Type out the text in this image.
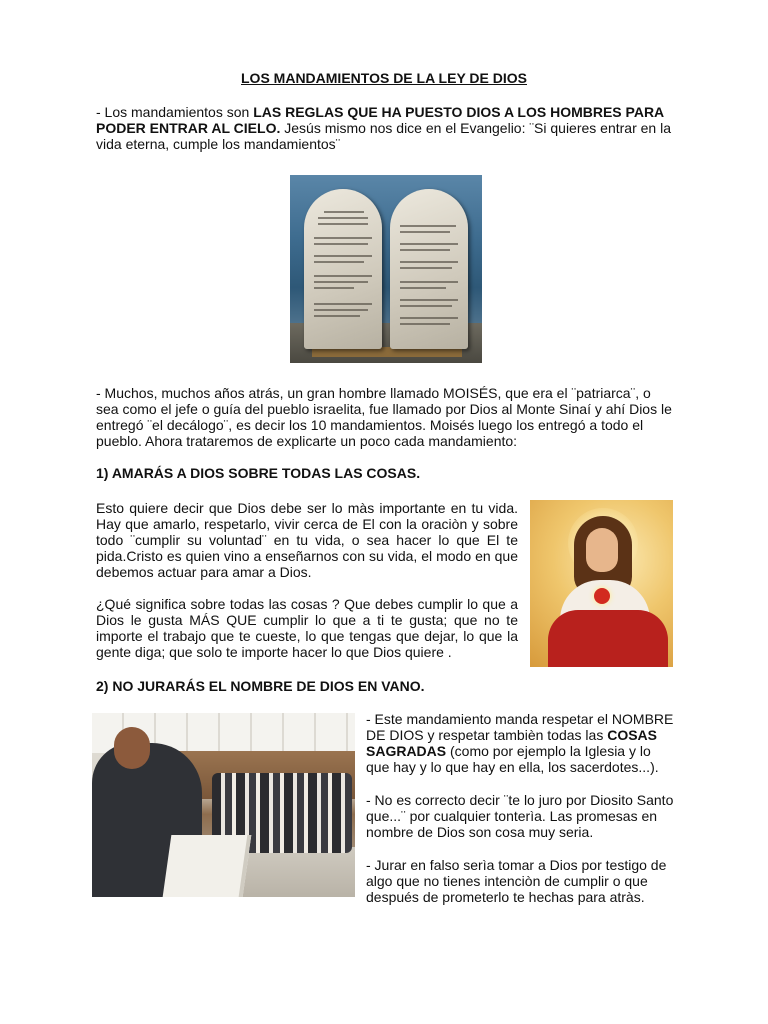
LOS MANDAMIENTOS DE LA LEY DE DIOS

- Los mandamientos son LAS REGLAS QUE HA PUESTO DIOS A LOS HOMBRES PARA PODER ENTRAR AL CIELO. Jesús mismo nos dice en el Evangelio: ¨Si quieres entrar en la vida eterna, cumple los mandamientos¨

- Muchos, muchos años atrás, un gran hombre llamado MOISÉS, que era el ¨patriarca¨, o sea como el jefe o guía del pueblo israelita, fue llamado por Dios al Monte Sinaí y ahí Dios le entregó ¨el decálogo¨, es decir los 10 mandamientos. Moisés luego los entregó a todo el pueblo. Ahora trataremos de explicarte un poco cada mandamiento:

1) AMARÁS A DIOS SOBRE TODAS LAS COSAS.

Esto quiere decir que Dios debe ser lo màs importante en tu vida. Hay que amarlo, respetarlo, vivir cerca de El con la oraciòn y sobre todo ¨cumplir su voluntad¨ en tu vida, o sea hacer lo que El te pida.Cristo es quien vino a enseñarnos con su vida, el modo en que debemos actuar para amar a Dios.

¿Qué significa sobre todas las cosas ? Que debes cumplir lo que a Dios le gusta MÁS QUE cumplir lo que a ti te gusta; que no te importe el trabajo que te cueste, lo que tengas que dejar, lo que la gente diga; que solo te importe hacer lo que Dios quiere .

2) NO JURARÁS EL NOMBRE DE DIOS EN VANO.

- Este mandamiento manda respetar el NOMBRE DE DIOS y respetar tambièn todas las COSAS SAGRADAS (como por ejemplo la Iglesia y lo que hay y lo que hay en ella, los sacerdotes...).

- No es correcto decir ¨te lo juro por Diosito Santo que...¨ por cualquier tonterìa. Las promesas en nombre de Dios son cosa muy seria.

- Jurar en falso serìa tomar a Dios por testigo de algo que no tienes intenciòn de cumplir o que después de prometerlo te hechas para atràs.
